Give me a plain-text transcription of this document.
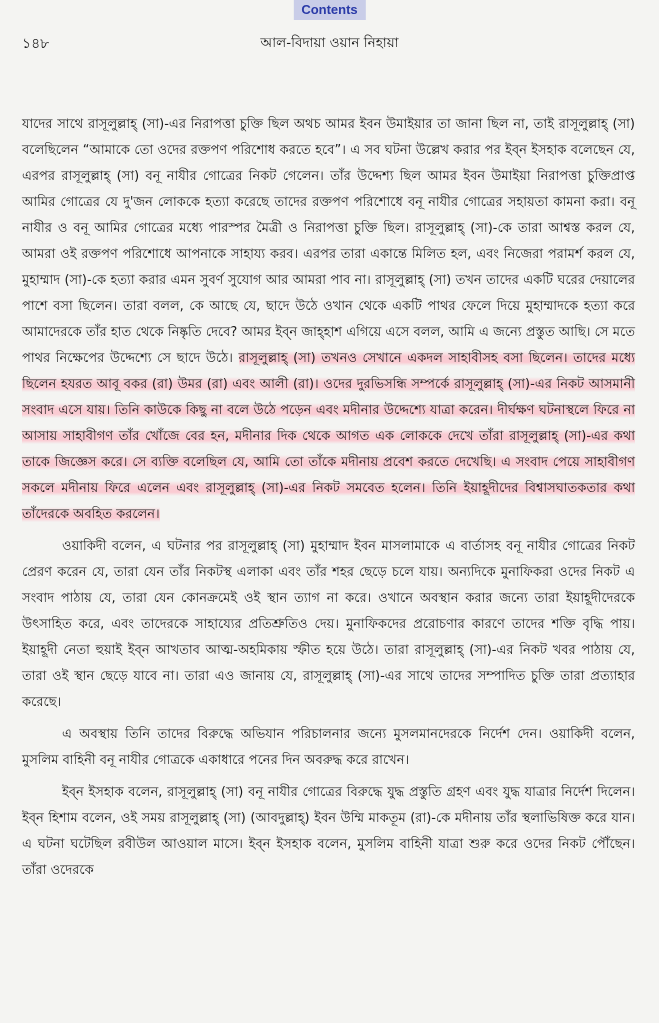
Contents
১৪৮	আল-বিদায়া ওয়ান নিহায়া

যাদের সাথে রাসূলুল্লাহ্ (সা)-এর নিরাপত্তা চুক্তি ছিল অথচ আমর ইবন উমাইয়ার তা জানা ছিল না, তাই রাসূলুল্লাহ্ (সা) বলেছিলেন “আমাকে তো ওদের রক্তপণ পরিশোধ করতে হবে”। এ সব ঘটনা উল্লেখ করার পর ইব্ন ইসহাক বলেছেন যে, এরপর রাসূলুল্লাহ্ (সা) বনূ নাযীর গোত্রের নিকট গেলেন। তাঁর উদ্দেশ্য ছিল আমর ইবন উমাইয়া নিরাপত্তা চুক্তিপ্রাপ্ত আমির গোত্রের যে দু'জন লোককে হত্যা করেছে তাদের রক্তপণ পরিশোধে বনূ নাযীর গোত্রের সহায়তা কামনা করা। বনূ নাযীর ও বনূ আমির গোত্রের মধ্যে পারস্পর মৈত্রী ও নিরাপত্তা চুক্তি ছিল। রাসূলুল্লাহ্ (সা)-কে তারা আশ্বস্ত করল যে, আমরা ওই রক্তপণ পরিশোধে আপনাকে সাহায্য করব। এরপর তারা একান্তে মিলিত হল, এবং নিজেরা পরামর্শ করল যে, মুহাম্মাদ (সা)-কে হত্যা করার এমন সুবর্ণ সুযোগ আর আমরা পাব না। রাসূলুল্লাহ্ (সা) তখন তাদের একটি ঘরের দেয়ালের পাশে বসা ছিলেন। তারা বলল, কে আছে যে, ছাদে উঠে ওখান থেকে একটি পাথর ফেলে দিয়ে মুহাম্মাদকে হত্যা করে আমাদেরকে তাঁর হাত থেকে নিষ্কৃতি দেবে? আমর ইব্ন জাহ্হাশ এগিয়ে এসে বলল, আমি এ জন্যে প্রস্তুত আছি। সে মতে পাথর নিক্ষেপের উদ্দেশ্যে সে ছাদে উঠে। রাসূলুল্লাহ্ (সা) তখনও সেখানে একদল সাহাবীসহ বসা ছিলেন। তাদের মধ্যে ছিলেন হযরত আবূ বকর (রা) উমর (রা) এবং আলী (রা)। ওদের দুরভিসন্ধি সম্পর্কে রাসূলুল্লাহ্ (সা)-এর নিকট আসমানী সংবাদ এসে যায়। তিনি কাউকে কিছু না বলে উঠে পড়েন এবং মদীনার উদ্দেশ্যে যাত্রা করেন। দীর্ঘক্ষণ ঘটনাস্থলে ফিরে না আসায় সাহাবীগণ তাঁর খোঁজে বের হন, মদীনার দিক থেকে আগত এক লোককে দেখে তাঁরা রাসূলুল্লাহ্ (সা)-এর কথা তাকে জিজ্ঞেস করে। সে ব্যক্তি বলেছিল যে, আমি তো তাঁকে মদীনায় প্রবেশ করতে দেখেছি। এ সংবাদ পেয়ে সাহাবীগণ সকলে মদীনায় ফিরে এলেন এবং রাসূলুল্লাহ্ (সা)-এর নিকট সমবেত হলেন। তিনি ইয়াহূদীদের বিশ্বাসঘাতকতার কথা তাঁদেরকে অবহিত করলেন।

ওয়াকিদী বলেন, এ ঘটনার পর রাসূলুল্লাহ্ (সা) মুহাম্মাদ ইবন মাসলামাকে এ বার্তাসহ বনূ নাযীর গোত্রের নিকট প্রেরণ করেন যে, তারা যেন তাঁর নিকটস্থ এলাকা এবং তাঁর শহর ছেড়ে চলে যায়। অন্যদিকে মুনাফিকরা ওদের নিকট এ সংবাদ পাঠায় যে, তারা যেন কোনক্রমেই ওই স্থান ত্যাগ না করে। ওখানে অবস্থান করার জন্যে তারা ইয়াহূদীদেরকে উৎসাহিত করে, এবং তাদেরকে সাহায্যের প্রতিশ্রুতিও দেয়। মুনাফিকদের প্ররোচণার কারণে তাদের শক্তি বৃদ্ধি পায়। ইয়াহূদী নেতা হুয়াই ইব্ন আখতাব আত্ম-অহমিকায় স্ফীত হয়ে উঠে। তারা রাসূলুল্লাহ্ (সা)-এর নিকট খবর পাঠায় যে, তারা ওই স্থান ছেড়ে যাবে না। তারা এও জানায় যে, রাসূলুল্লাহ্ (সা)-এর সাথে তাদের সম্পাদিত চুক্তি তারা প্রত্যাহার করেছে।

এ অবস্থায় তিনি তাদের বিরুদ্ধে অভিযান পরিচালনার জন্যে মুসলমানদেরকে নির্দেশ দেন। ওয়াকিদী বলেন, মুসলিম বাহিনী বনূ নাযীর গোত্রকে একাধারে পনের দিন অবরুদ্ধ করে রাখেন।

ইব্ন ইসহাক বলেন, রাসূলুল্লাহ্ (সা) বনূ নাযীর গোত্রের বিরুদ্ধে যুদ্ধ প্রস্তুতি গ্রহণ এবং যুদ্ধ যাত্রার নির্দেশ দিলেন। ইব্ন হিশাম বলেন, ওই সময় রাসূলুল্লাহ্ (সা) (আবদুল্লাহ্) ইবন উম্মি মাকতূম (রা)-কে মদীনায় তাঁর স্থলাভিষিক্ত করে যান। এ ঘটনা ঘটেছিল রবীউল আওয়াল মাসে। ইব্ন ইসহাক বলেন, মুসলিম বাহিনী যাত্রা শুরু করে ওদের নিকট পৌঁছেন। তাঁরা ওদেরকে
